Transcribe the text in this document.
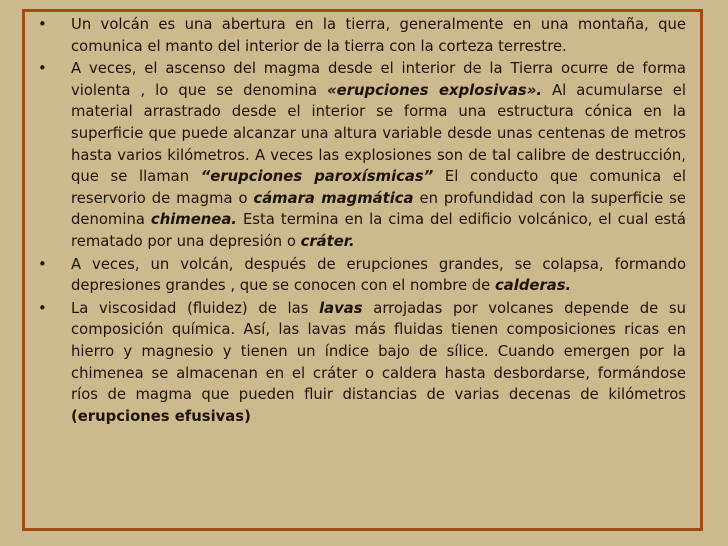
•	Un volcán es una abertura en la tierra, generalmente en una montaña, que comunica el manto del interior de la tierra con la corteza terrestre.
•	A veces, el ascenso del magma desde el interior de la Tierra ocurre de forma violenta , lo que se denomina «erupciones explosivas». Al acumularse el material arrastrado desde el interior se forma una estructura cónica en la superficie que puede alcanzar una altura variable desde unas centenas de metros hasta varios kilómetros. A veces las explosiones son de tal calibre de destrucción, que se llaman “erupciones paroxísmicas” El conducto que comunica el reservorio de magma o cámara magmática en profundidad con la superficie se denomina chimenea. Esta termina en la cima del edificio volcánico, el cual está rematado por una depresión o cráter.
•	A veces, un volcán, después de erupciones grandes, se colapsa, formando depresiones grandes , que se conocen con el nombre de calderas.
•	La viscosidad (fluidez) de las lavas arrojadas por volcanes depende de su composición química. Así, las lavas más fluidas tienen composiciones ricas en hierro y magnesio y tienen un índice bajo de sílice. Cuando emergen por la chimenea se almacenan en el cráter o caldera hasta desbordarse, formándose ríos de magma que pueden fluir distancias de varias decenas de kilómetros (erupciones efusivas)
